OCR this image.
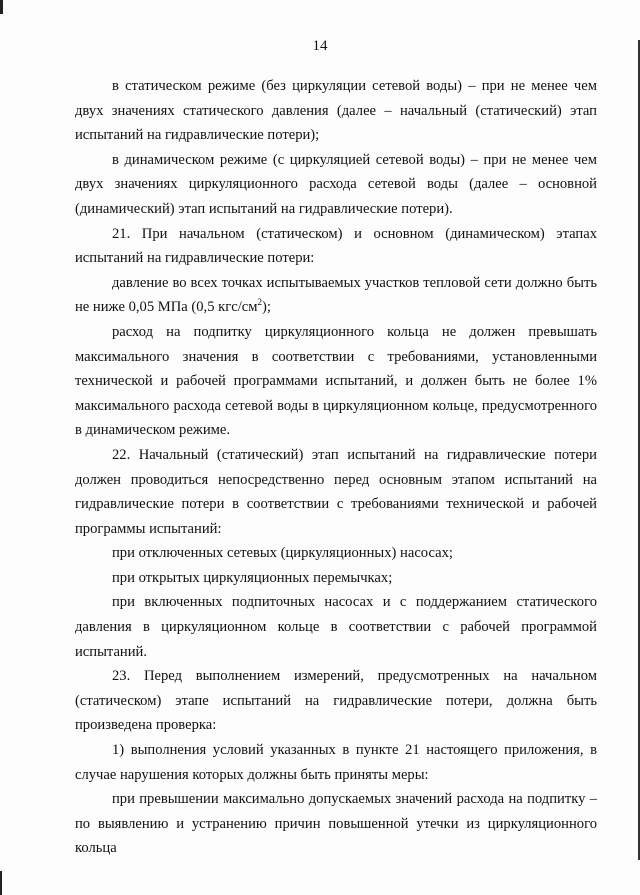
14

в статическом режиме (без циркуляции сетевой воды) – при не менее чем двух значениях статического давления (далее – начальный (статический) этап испытаний на гидравлические потери);

в динамическом режиме (с циркуляцией сетевой воды) – при не менее чем двух значениях циркуляционного расхода сетевой воды (далее – основной (динамический) этап испытаний на гидравлические потери).

21. При начальном (статическом) и основном (динамическом) этапах испытаний на гидравлические потери:

давление во всех точках испытываемых участков тепловой сети должно быть не ниже 0,05 МПа (0,5 кгс/$см^2$);

расход на подпитку циркуляционного кольца не должен превышать максимального значения в соответствии с требованиями, установленными технической и рабочей программами испытаний, и должен быть не более 1% максимального расхода сетевой воды в циркуляционном кольце, предусмотренного в динамическом режиме.

22. Начальный (статический) этап испытаний на гидравлические потери должен проводиться непосредственно перед основным этапом испытаний на гидравлические потери в соответствии с требованиями технической и рабочей программы испытаний:

при отключенных сетевых (циркуляционных) насосах;

при открытых циркуляционных перемычках;

при включенных подпиточных насосах и с поддержанием статического давления в циркуляционном кольце в соответствии с рабочей программой испытаний.

23. Перед выполнением измерений, предусмотренных на начальном (статическом) этапе испытаний на гидравлические потери, должна быть произведена проверка:

1) выполнения условий указанных в пункте 21 настоящего приложения, в случае нарушения которых должны быть приняты меры:

при превышении максимально допускаемых значений расхода на подпитку – по выявлению и устранению причин повышенной утечки из циркуляционного кольца
